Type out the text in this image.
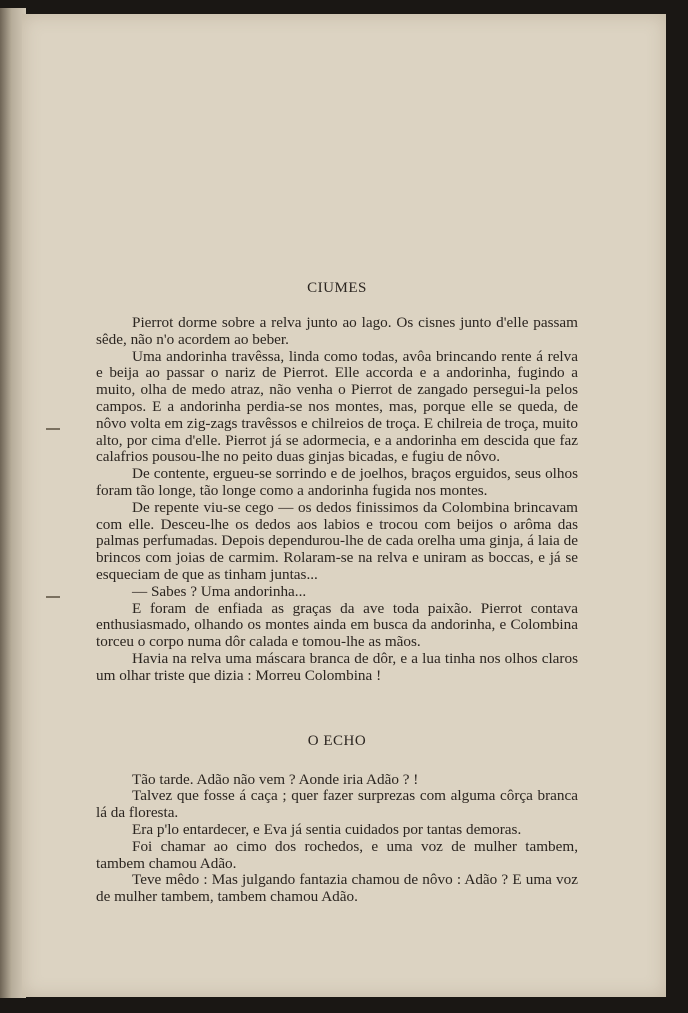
CIUMES

Pierrot dorme sobre a relva junto ao lago. Os cisnes junto d'elle passam sêde, não n'o acordem ao beber.

Uma andorinha travêssa, linda como todas, avôa brincando rente á relva e beija ao passar o nariz de Pierrot. Elle accorda e a andorinha, fugindo a muito, olha de medo atraz, não venha o Pierrot de zangado persegui-la pelos campos. E a andorinha perdia-se nos montes, mas, porque elle se queda, de nôvo volta em zig-zags travêssos e chilreios de troça. E chilreia de troça, muito alto, por cima d'elle. Pierrot já se adormecia, e a andorinha em descida que faz calafrios pousou-lhe no peito duas ginjas bicadas, e fugiu de nôvo.

De contente, ergueu-se sorrindo e de joelhos, braços erguidos, seus olhos foram tão longe, tão longe como a andorinha fugida nos montes.

De repente viu-se cego — os dedos finissimos da Colombina brincavam com elle. Desceu-lhe os dedos aos labios e trocou com beijos o arôma das palmas perfumadas. Depois dependurou-lhe de cada orelha uma ginja, á laia de brincos com joias de carmim. Rolaram-se na relva e uniram as boccas, e já se esqueciam de que as tinham juntas...

— Sabes ? Uma andorinha...

E foram de enfiada as graças da ave toda paixão. Pierrot contava enthusiasmado, olhando os montes ainda em busca da andorinha, e Colombina torceu o corpo numa dôr calada e tomou-lhe as mãos.

Havia na relva uma máscara branca de dôr, e a lua tinha nos olhos claros um olhar triste que dizia : Morreu Colombina !

O ECHO

Tão tarde. Adão não vem ? Aonde iria Adão ? !

Talvez que fosse á caça ; quer fazer surprezas com alguma côrça branca lá da floresta.

Era p'lo entardecer, e Eva já sentia cuidados por tantas demoras.

Foi chamar ao cimo dos rochedos, e uma voz de mulher tambem, tambem chamou Adão.

Teve mêdo : Mas julgando fantazia chamou de nôvo : Adão ? E uma voz de mulher tambem, tambem chamou Adão.
